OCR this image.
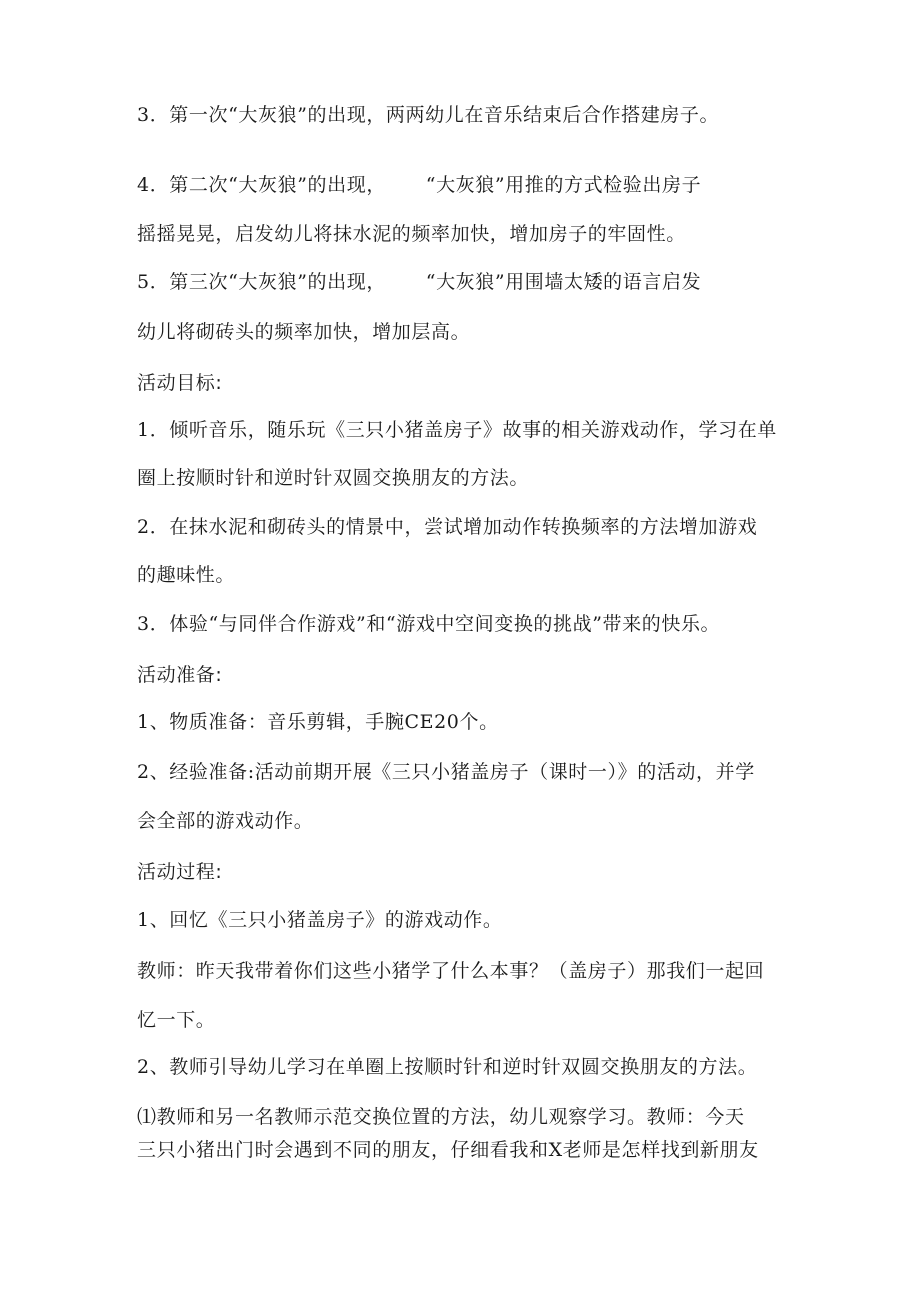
3．第一次“大灰狼”的出现，两两幼儿在音乐结束后合作搭建房子。
4．第二次“大灰狼”的出现，      “大灰狼”用推的方式检验出房子
摇摇晃晃，启发幼儿将抹水泥的频率加快，增加房子的牢固性。
5．第三次“大灰狼”的出现，      “大灰狼”用围墙太矮的语言启发
幼儿将砌砖头的频率加快，增加层高。
活动目标:
1．倾听音乐，随乐玩《三只小猪盖房子》故事的相关游戏动作，学习在单
圈上按顺时针和逆时针双圆交换朋友的方法。
2．在抹水泥和砌砖头的情景中，尝试增加动作转换频率的方法增加游戏
的趣味性。
3．体验“与同伴合作游戏”和“游戏中空间变换的挑战”带来的快乐。
活动准备:
1、物质准备：音乐剪辑，手腕CE20个。
2、经验准备:活动前期开展《三只小猪盖房子（课时一）》的活动，并学
会全部的游戏动作。
活动过程:
1、回忆《三只小猪盖房子》的游戏动作。
教师：昨天我带着你们这些小猪学了什么本事？（盖房子）那我们一起回
忆一下。
2、教师引导幼儿学习在单圈上按顺时针和逆时针双圆交换朋友的方法。
⑴教师和另一名教师示范交换位置的方法，幼儿观察学习。教师：今天
三只小猪出门时会遇到不同的朋友，仔细看我和X老师是怎样找到新朋友
